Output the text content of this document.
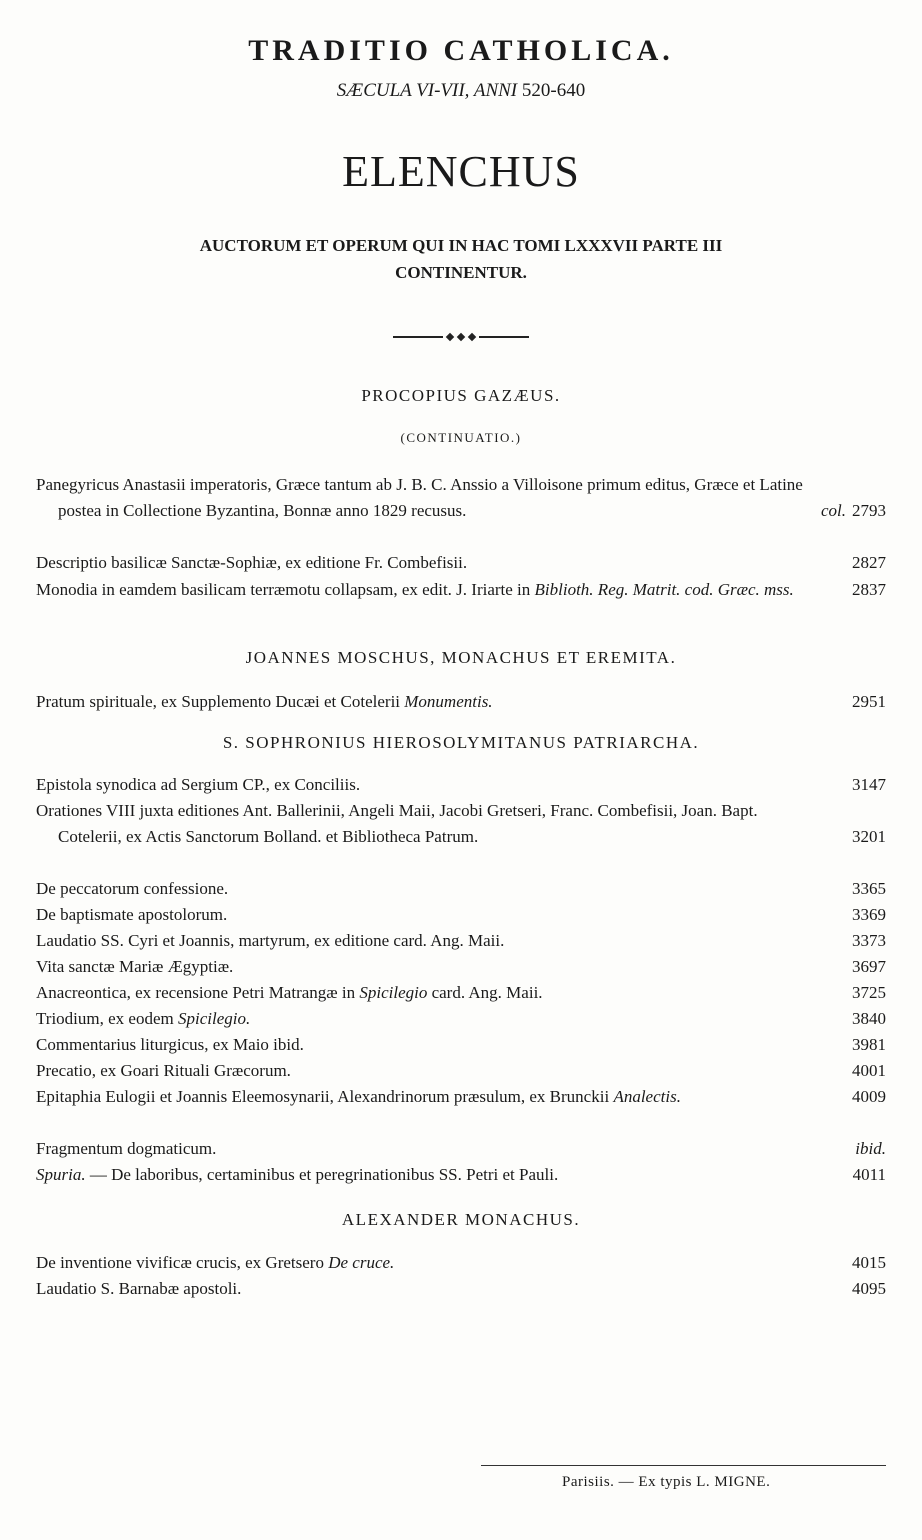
TRADITIO CATHOLICA.
SÆCULA VI-VII, ANNI 520-640
ELENCHUS
AUCTORUM ET OPERUM QUI IN HAC TOMI LXXXVII PARTE III
CONTINENTUR.
PROCOPIUS GAZÆUS.
(CONTINUATIO.)
Panegyricus Anastasii imperatoris, Græce tantum ab J. B. C. Anssio a Villoisone primum editus, Græce et Latine postea in Collectione Byzantina, Bonnæ anno 1829 recusus.	col. 2793
Descriptio basilicæ Sanctæ-Sophiæ, ex editione Fr. Combefisii.	2827
Monodia in eamdem basilicam terræmotu collapsam, ex edit. J. Iriarte in Biblioth. Reg. Matrit. cod. Græc. mss.	2837
JOANNES MOSCHUS, MONACHUS ET EREMITA.
Pratum spirituale, ex Supplemento Ducæi et Cotelerii Monumentis.	2951
S. SOPHRONIUS HIEROSOLYMITANUS PATRIARCHA.
Epistola synodica ad Sergium CP., ex Conciliis.	3147
Orationes VIII juxta editiones Ant. Ballerinii, Angeli Maii, Jacobi Gretseri, Franc. Combefisii, Joan. Bapt. Cotelerii, ex Actis Sanctorum Bolland. et Bibliotheca Patrum.	3201
De peccatorum confessione.	3365
De baptismate apostolorum.	3369
Laudatio SS. Cyri et Joannis, martyrum, ex editione card. Ang. Maii.	3373
Vita sanctæ Mariæ Ægyptiæ.	3697
Anacreontica, ex recensione Petri Matrangæ in Spicilegio card. Ang. Maii.	3725
Triodium, ex eodem Spicilegio.	3840
Commentarius liturgicus, ex Maio ibid.	3981
Precatio, ex Goari Rituali Græcorum.	4001
Epitaphia Eulogii et Joannis Eleemosynarii, Alexandrinorum præsulum, ex Brunckii Analectis.	4009
Fragmentum dogmaticum.	ibid.
Spuria. — De laboribus, certaminibus et peregrinationibus SS. Petri et Pauli.	4011
ALEXANDER MONACHUS.
De inventione vivificæ crucis, ex Gretsero De cruce.	4015
Laudatio S. Barnabæ apostoli.	4095
Parisiis. — Ex typis L. MIGNE.
